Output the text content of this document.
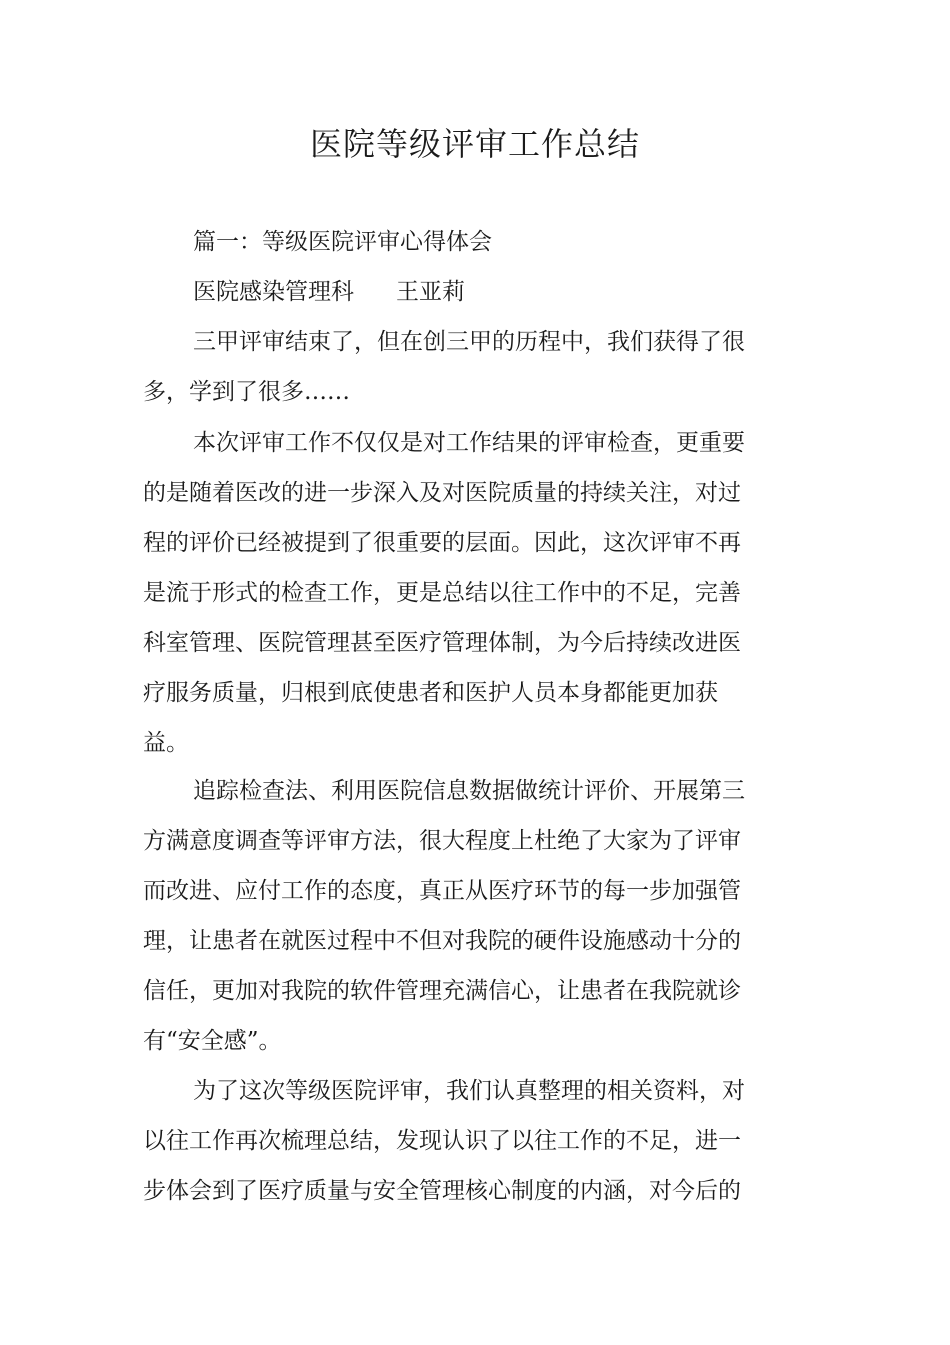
医院等级评审工作总结

篇一：等级医院评审心得体会

医院感染管理科 王亚莉

三甲评审结束了，但在创三甲的历程中，我们获得了很

多，学到了很多……

本次评审工作不仅仅是对工作结果的评审检查，更重要

的是随着医改的进一步深入及对医院质量的持续关注，对过

程的评价已经被提到了很重要的层面。因此，这次评审不再

是流于形式的检查工作，更是总结以往工作中的不足，完善

科室管理、医院管理甚至医疗管理体制，为今后持续改进医

疗服务质量，归根到底使患者和医护人员本身都能更加获

益。

追踪检查法、利用医院信息数据做统计评价、开展第三

方满意度调查等评审方法，很大程度上杜绝了大家为了评审

而改进、应付工作的态度，真正从医疗环节的每一步加强管

理，让患者在就医过程中不但对我院的硬件设施感动十分的

信任，更加对我院的软件管理充满信心，让患者在我院就诊

有“安全感”。

为了这次等级医院评审，我们认真整理的相关资料，对

以往工作再次梳理总结，发现认识了以往工作的不足，进一

步体会到了医疗质量与安全管理核心制度的内涵，对今后的
